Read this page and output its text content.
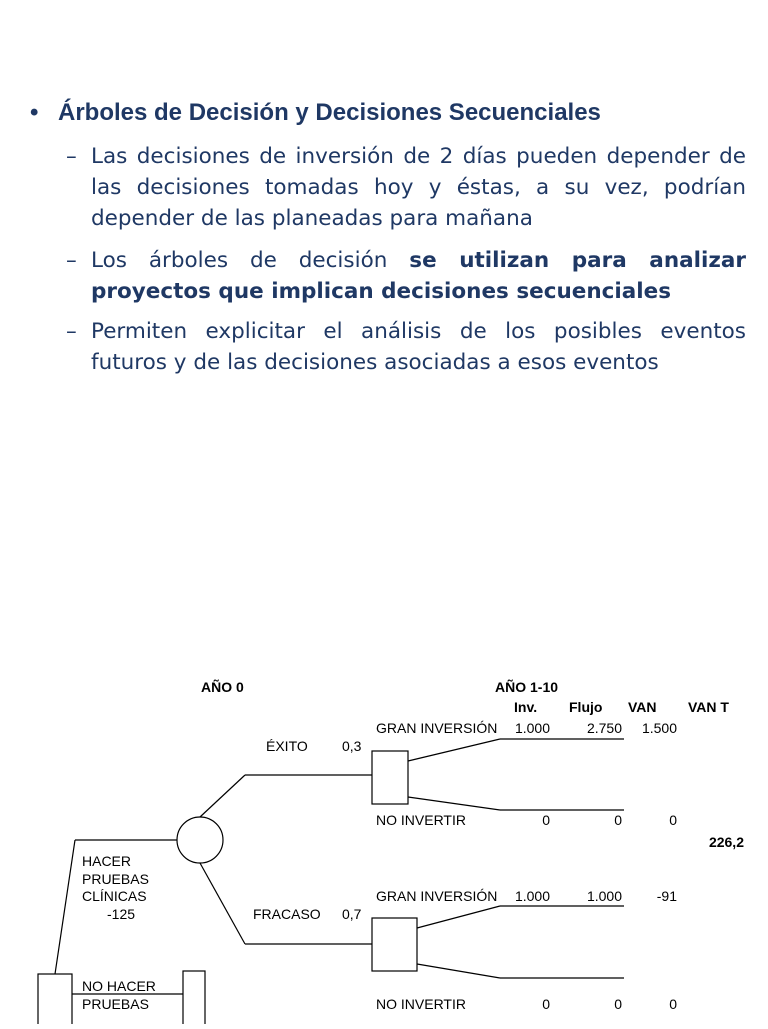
• Árboles de Decisión y Decisiones Secuenciales
– Las decisiones de inversión de 2 días pueden depender de las decisiones tomadas hoy y éstas, a su vez, podrían depender de las planeadas para mañana
– Los árboles de decisión se utilizan para analizar proyectos que implican decisiones secuenciales
– Permiten explicitar el análisis de los posibles eventos futuros y de las decisiones asociadas a esos eventos
AÑO 0	AÑO 1-10
Inv. Flujo VAN VAN T
ÉXITO 0,3
FRACASO 0,7
HACER
PRUEBAS
CLÍNICAS
-125
NO HACER
PRUEBAS
GRAN INVERSIÓN 1.000	2.750 1.500
NO INVERTIR	0	0	0
226,2
GRAN INVERSIÓN 1.000	1.000 -91
NO INVERTIR	0	0	0
